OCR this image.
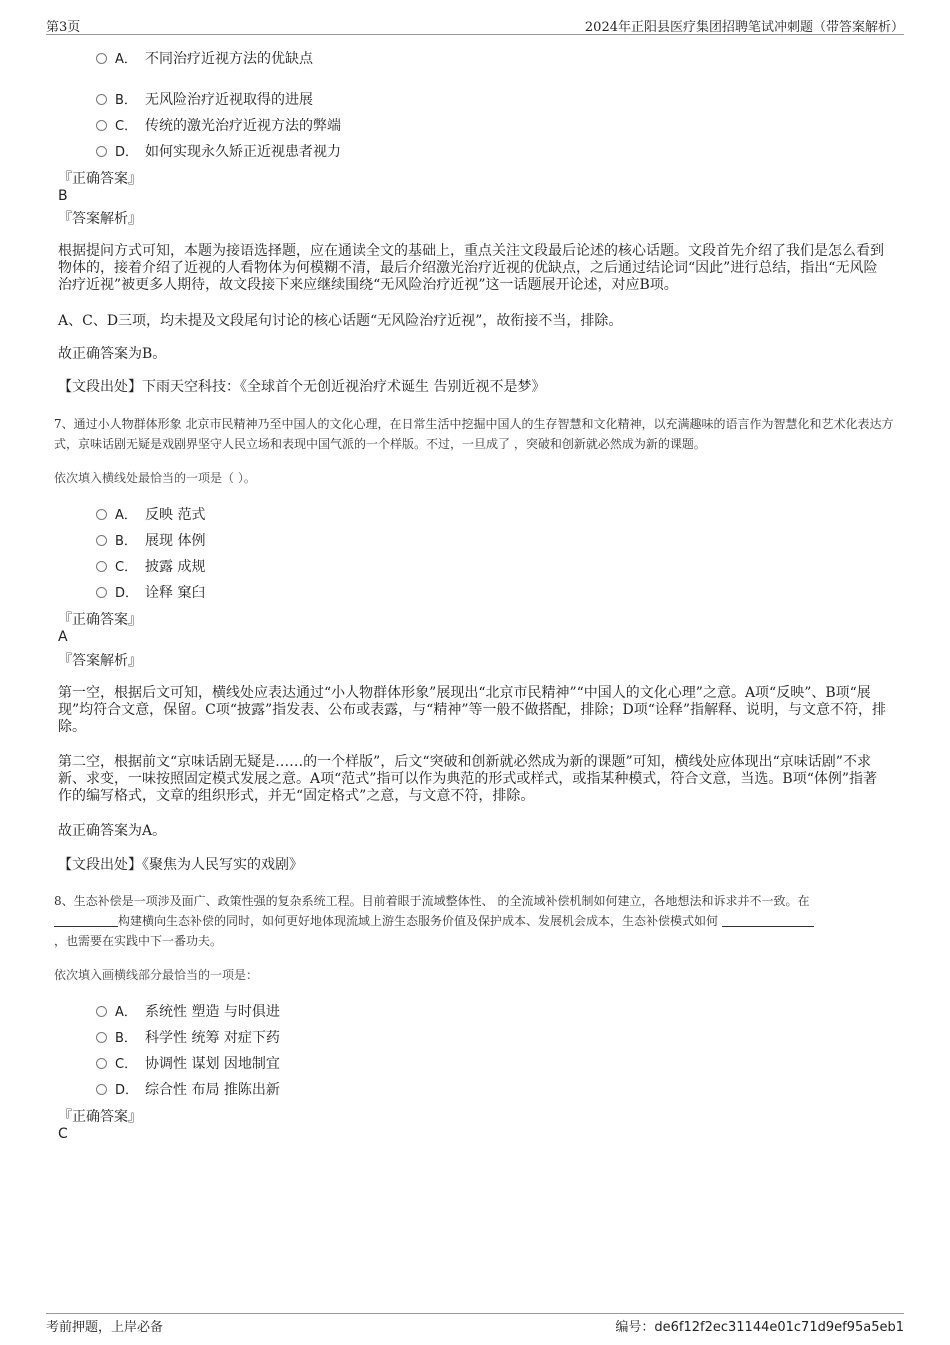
第3页	2024年正阳县医疗集团招聘笔试冲刺题（带答案解析）
A． 不同治疗近视方法的优缺点
B． 无风险治疗近视取得的进展
C． 传统的激光治疗近视方法的弊端
D． 如何实现永久矫正近视患者视力
『正确答案』
B
『答案解析』
根据提问方式可知，本题为接语选择题，应在通读全文的基础上，重点关注文段最后论述的核心话题。文段首先介绍了我们是怎么看到物体的，接着介绍了近视的人看物体为何模糊不清，最后介绍激光治疗近视的优缺点，之后通过结论词“因此”进行总结，指出“无风险治疗近视”被更多人期待，故文段接下来应继续围绕“无风险治疗近视”这一话题展开论述，对应B项。
A、C、D三项，均未提及文段尾句讨论的核心话题“无风险治疗近视”，故衔接不当，排除。
故正确答案为B。
【文段出处】下雨天空科技：《全球首个无创近视治疗术诞生 告别近视不是梦》
7、通过小人物群体形象 北京市民精神乃至中国人的文化心理，在日常生活中挖掘中国人的生存智慧和文化精神，以充满趣味的语言作为智慧化和艺术化表达方式，京味话剧无疑是戏剧界坚守人民立场和表现中国气派的一个样版。不过，一旦成了 ，突破和创新就必然成为新的课题。
依次填入横线处最恰当的一项是（ ）。
A． 反映 范式
B． 展现 体例
C． 披露 成规
D． 诠释 窠臼
『正确答案』
A
『答案解析』
第一空，根据后文可知，横线处应表达通过“小人物群体形象”展现出“北京市民精神”“中国人的文化心理”之意。A项“反映”、B项“展现”均符合文意，保留。C项“披露”指发表、公布或表露，与“精神”等一般不做搭配，排除；D项“诠释”指解释、说明，与文意不符，排除。
第二空，根据前文“京味话剧无疑是……的一个样版”，后文“突破和创新就必然成为新的课题”可知，横线处应体现出“京味话剧”不求新、求变，一味按照固定模式发展之意。A项“范式”指可以作为典范的形式或样式，或指某种模式，符合文意，当选。B项“体例”指著作的编写格式，文章的组织形式，并无“固定格式”之意，与文意不符，排除。
故正确答案为A。
【文段出处】《聚焦为人民写实的戏剧》
8、生态补偿是一项涉及面广、政策性强的复杂系统工程。目前着眼于流域整体性、 的全流域补偿机制如何建立，各地想法和诉求并不一致。在
构建横向生态补偿的同时，如何更好地体现流域上游生态服务价值及保护成本、发展机会成本，生态补偿模式如何
，也需要在实践中下一番功夫。
依次填入画横线部分最恰当的一项是：
A． 系统性 塑造 与时俱进
B． 科学性 统筹 对症下药
C． 协调性 谋划 因地制宜
D． 综合性 布局 推陈出新
『正确答案』
C
考前押题，上岸必备	编号：de6f12f2ec31144e01c71d9ef95a5eb1
